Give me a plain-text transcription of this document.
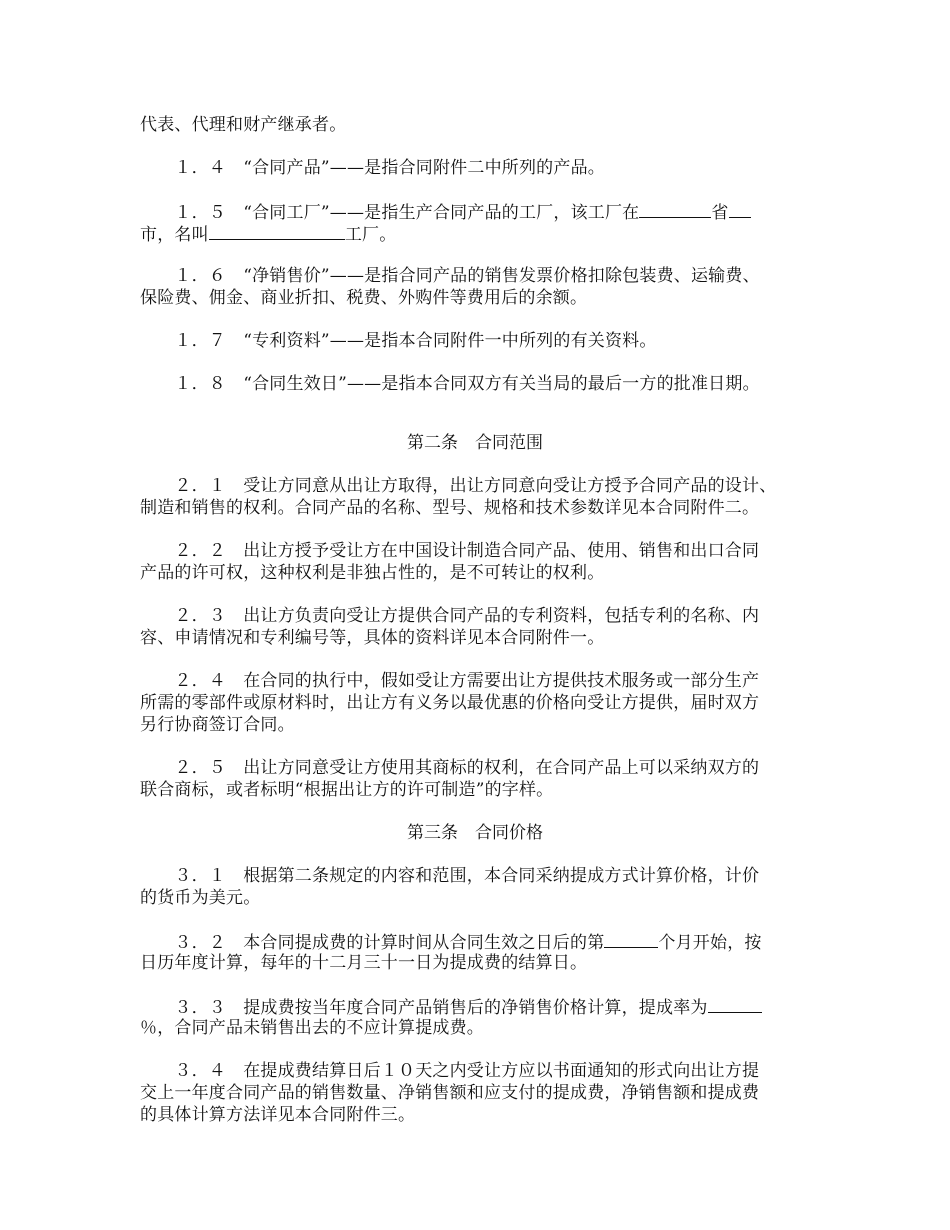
代表、代理和财产继承者。
　　１．４　“合同产品”——是指合同附件二中所列的产品。
　　１．５　“合同工厂”——是指生产合同产品的工厂，该工厂在	省
市，名叫	工厂。
　　１．６　“净销售价”——是指合同产品的销售发票价格扣除包装费、运输费、
保险费、佣金、商业折扣、税费、外购件等费用后的余额。
　　１．７　“专利资料”——是指本合同附件一中所列的有关资料。
　　１．８　“合同生效日”——是指本合同双方有关当局的最后一方的批准日期。
第二条　合同范围
　　２．１　受让方同意从出让方取得，出让方同意向受让方授予合同产品的设计、
制造和销售的权利。合同产品的名称、型号、规格和技术参数详见本合同附件二。
　　２．２　出让方授予受让方在中国设计制造合同产品、使用、销售和出口合同
产品的许可权，这种权利是非独占性的，是不可转让的权利。
　　２．３　出让方负责向受让方提供合同产品的专利资料，包括专利的名称、内
容、申请情况和专利编号等，具体的资料详见本合同附件一。
　　２．４　在合同的执行中，假如受让方需要出让方提供技术服务或一部分生产
所需的零部件或原材料时，出让方有义务以最优惠的价格向受让方提供，届时双方
另行协商签订合同。
　　２．５　出让方同意受让方使用其商标的权利，在合同产品上可以采纳双方的
联合商标，或者标明“根据出让方的许可制造”的字样。
第三条　合同价格
　　３．１　根据第二条规定的内容和范围，本合同采纳提成方式计算价格，计价
的货币为美元。
　　３．２　本合同提成费的计算时间从合同生效之日后的第	个月开始，按
日历年度计算，每年的十二月三十一日为提成费的结算日。
　　３．３　提成费按当年度合同产品销售后的净销售价格计算，提成率为
％，合同产品未销售出去的不应计算提成费。
　　３．４　在提成费结算日后１０天之内受让方应以书面通知的形式向出让方提
交上一年度合同产品的销售数量、净销售额和应支付的提成费，净销售额和提成费
的具体计算方法详见本合同附件三。
